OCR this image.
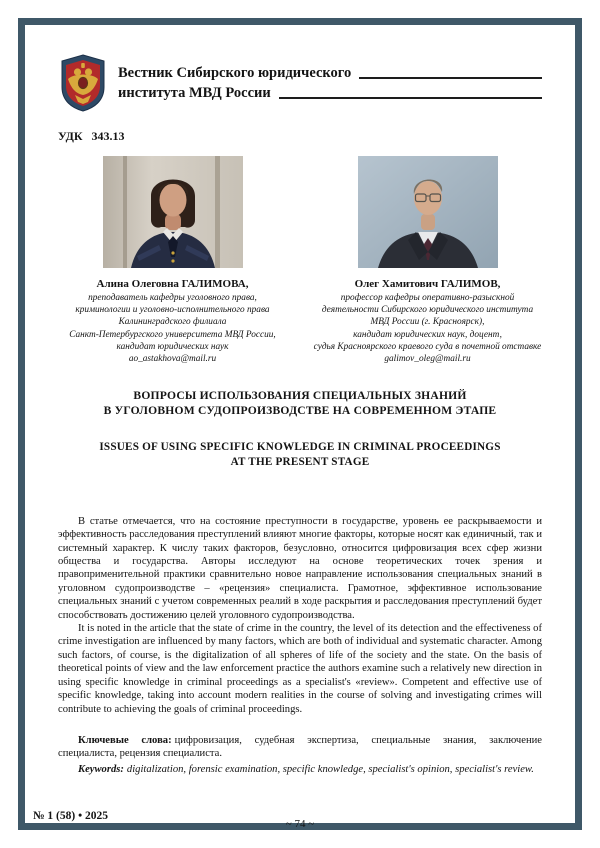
Вестник Сибирского юридического
института МВД России
УДК 343.13
Алина Олеговна ГАЛИМОВА,
преподаватель кафедры уголовного права,
криминологии и уголовно-исполнительного права
Калининградского филиала
Санкт-Петербургского университета МВД России,
кандидат юридических наук
ao_astakhova@mail.ru
Олег Хамитович ГАЛИМОВ,
профессор кафедры оперативно-разыскной
деятельности Сибирского юридического института
МВД России (г. Красноярск),
кандидат юридических наук, доцент,
судья Красноярского краевого суда в почетной отставке
galimov_oleg@mail.ru
ВОПРОСЫ ИСПОЛЬЗОВАНИЯ СПЕЦИАЛЬНЫХ ЗНАНИЙ
В УГОЛОВНОМ СУДОПРОИЗВОДСТВЕ НА СОВРЕМЕННОМ ЭТАПЕ
ISSUES OF USING SPECIFIC KNOWLEDGE IN CRIMINAL PROCEEDINGS
AT THE PRESENT STAGE

В статье отмечается, что на состояние преступности в государстве, уровень ее раскрываемости и эффективность расследования преступлений влияют многие факторы, которые носят как единичный, так и системный характер. К числу таких факторов, безусловно, относится цифровизация всех сфер жизни общества и государства. Авторы исследуют на основе теоретических точек зрения и правоприменительной практики сравнительно новое направление использования специальных знаний в уголовном судопроизводстве – «рецензия» специалиста. Грамотное, эффективное использование специальных знаний с учетом современных реалий в ходе раскрытия и расследования преступлений будет способствовать достижению целей уголовного судопроизводства.

It is noted in the article that the state of crime in the country, the level of its detection and the effectiveness of crime investigation are influenced by many factors, which are both of individual and systematic character. Among such factors, of course, is the digitalization of all spheres of life of the society and the state. On the basis of theoretical points of view and the law enforcement practice the authors examine such a relatively new direction in using specific knowledge in criminal proceedings as a specialist's «review». Competent and effective use of specific knowledge, taking into account modern realities in the course of solving and investigating crimes will contribute to achieving the goals of criminal proceedings.

Ключевые слова: цифровизация, судебная экспертиза, специальные знания, заключение специалиста, рецензия специалиста.

Keywords: digitalization, forensic examination, specific knowledge, specialist's opinion, specialist's review.

№ 1 (58) • 2025
~ 74 ~
